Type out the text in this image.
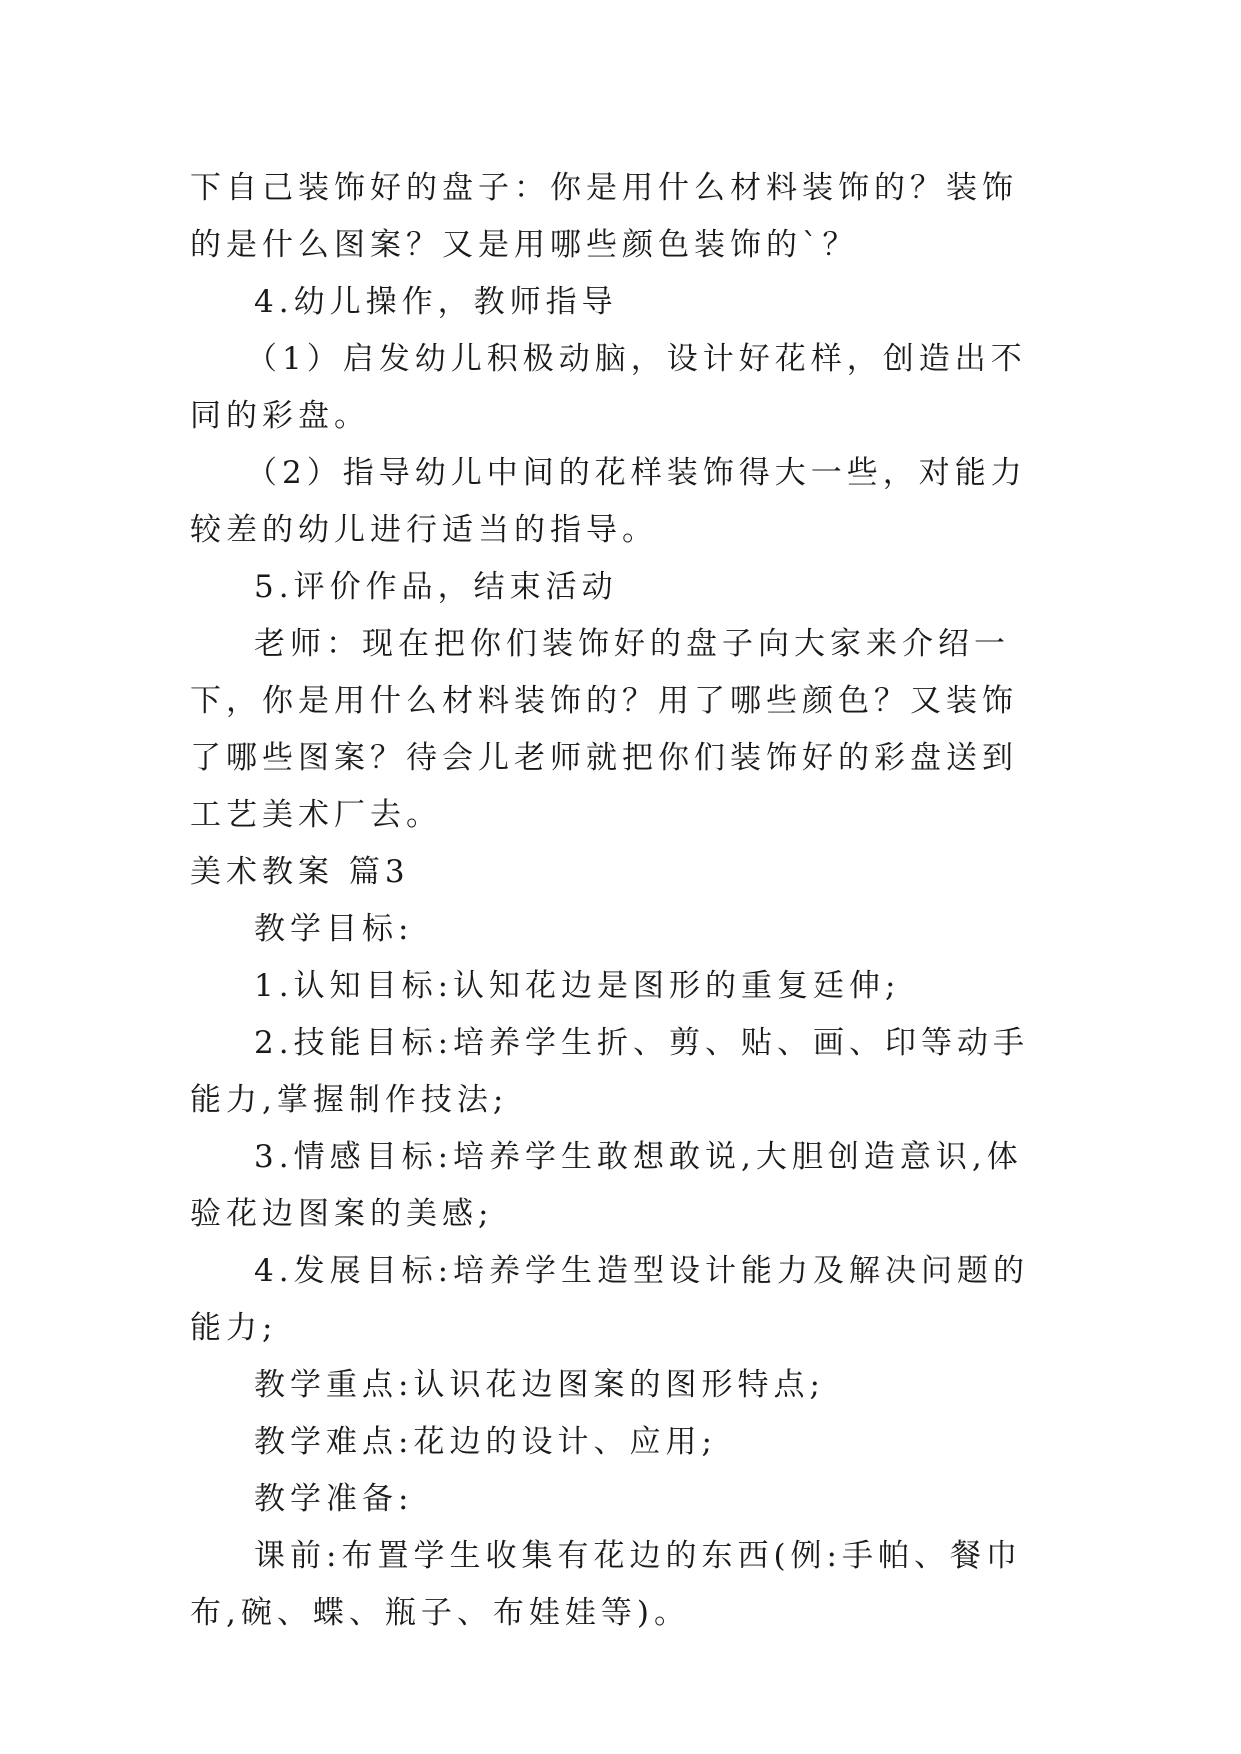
下自己装饰好的盘子：你是用什么材料装饰的？装饰的是什么图案？又是用哪些颜色装饰的`？

4.幼儿操作，教师指导

（1）启发幼儿积极动脑，设计好花样，创造出不同的彩盘。

（2）指导幼儿中间的花样装饰得大一些，对能力较差的幼儿进行适当的指导。

5.评价作品，结束活动

老师：现在把你们装饰好的盘子向大家来介绍一下，你是用什么材料装饰的？用了哪些颜色？又装饰了哪些图案？待会儿老师就把你们装饰好的彩盘送到工艺美术厂去。

美术教案 篇3

教学目标:

1.认知目标:认知花边是图形的重复廷伸;

2.技能目标:培养学生折、剪、贴、画、印等动手能力,掌握制作技法;

3.情感目标:培养学生敢想敢说,大胆创造意识,体验花边图案的美感;

4.发展目标:培养学生造型设计能力及解决问题的能力;

教学重点:认识花边图案的图形特点;

教学难点:花边的设计、应用;

教学准备:

课前:布置学生收集有花边的东西(例:手帕、餐巾布,碗、蝶、瓶子、布娃娃等)。
